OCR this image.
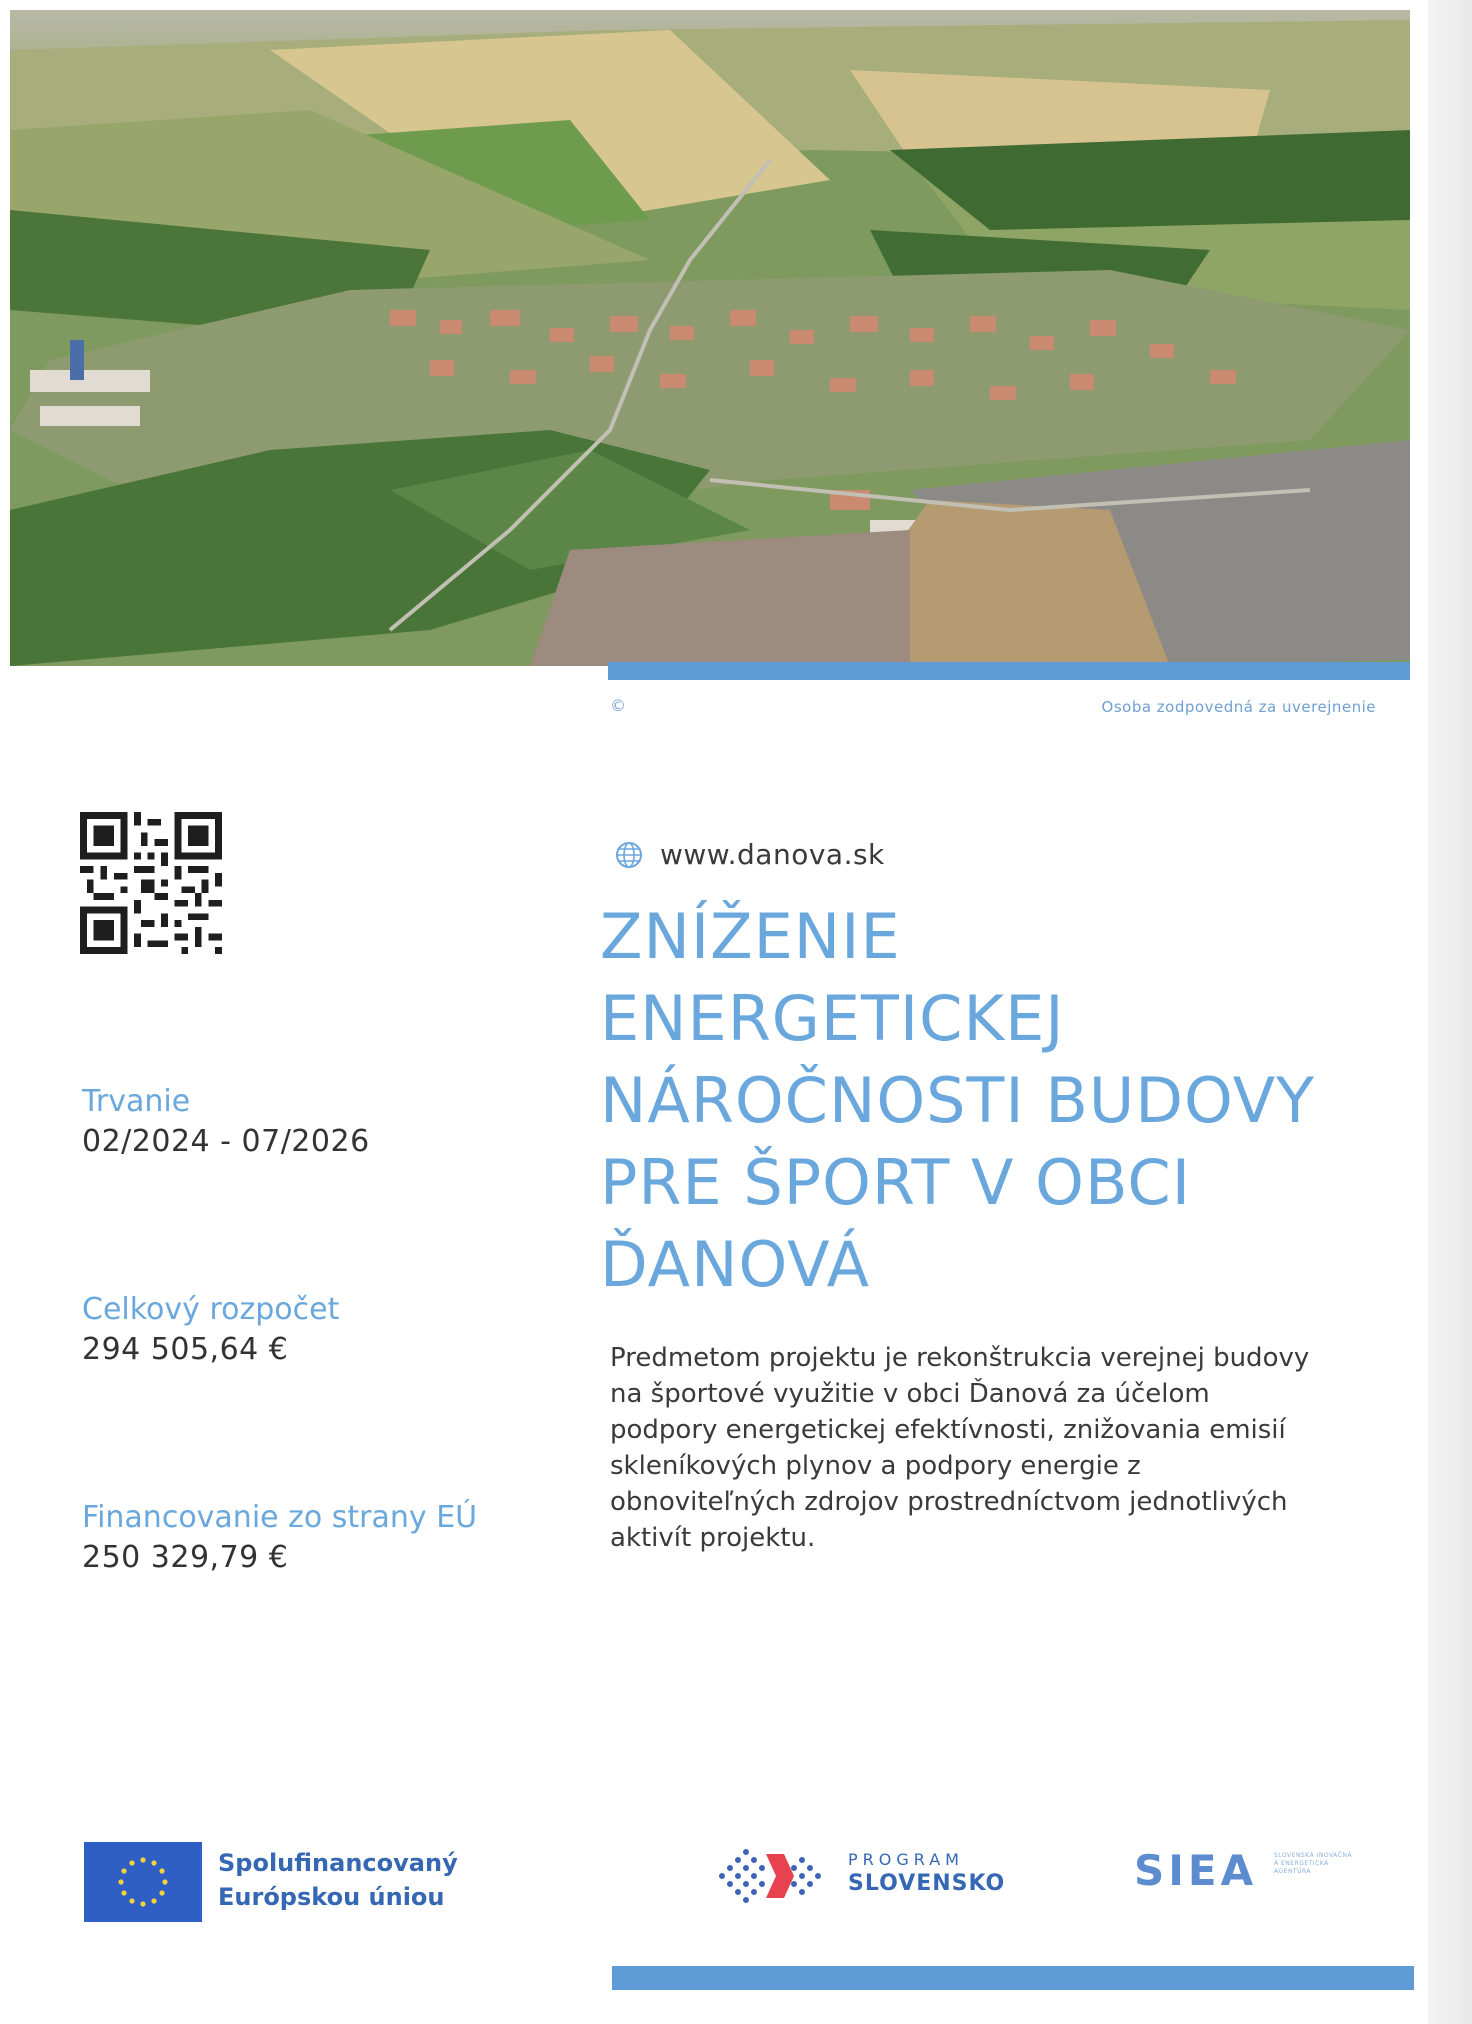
©	Osoba zodpovedná za uverejnenie
www.danova.sk
ZNÍŽENIE ENERGETICKEJ NÁROČNOSTI BUDOVY PRE ŠPORT V OBCI ĎANOVÁ

Predmetom projektu je rekonštrukcia verejnej budovy na športové využitie v obci Ďanová za účelom podpory energetickej efektívnosti, znižovania emisií skleníkových plynov a podpory energie z obnoviteľných zdrojov prostredníctvom jednotlivých aktivít projektu.

Trvanie
02/2024 - 07/2026
Celkový rozpočet
294 505,64 €
Financovanie zo strany EÚ
250 329,79 €
Spolufinancovaný
Európskou úniou
PROGRAM
SLOVENSKO	SIEA	SLOVENSKÁ INOVAČNÁ A ENERGETICKÁ AGENTÚRA
